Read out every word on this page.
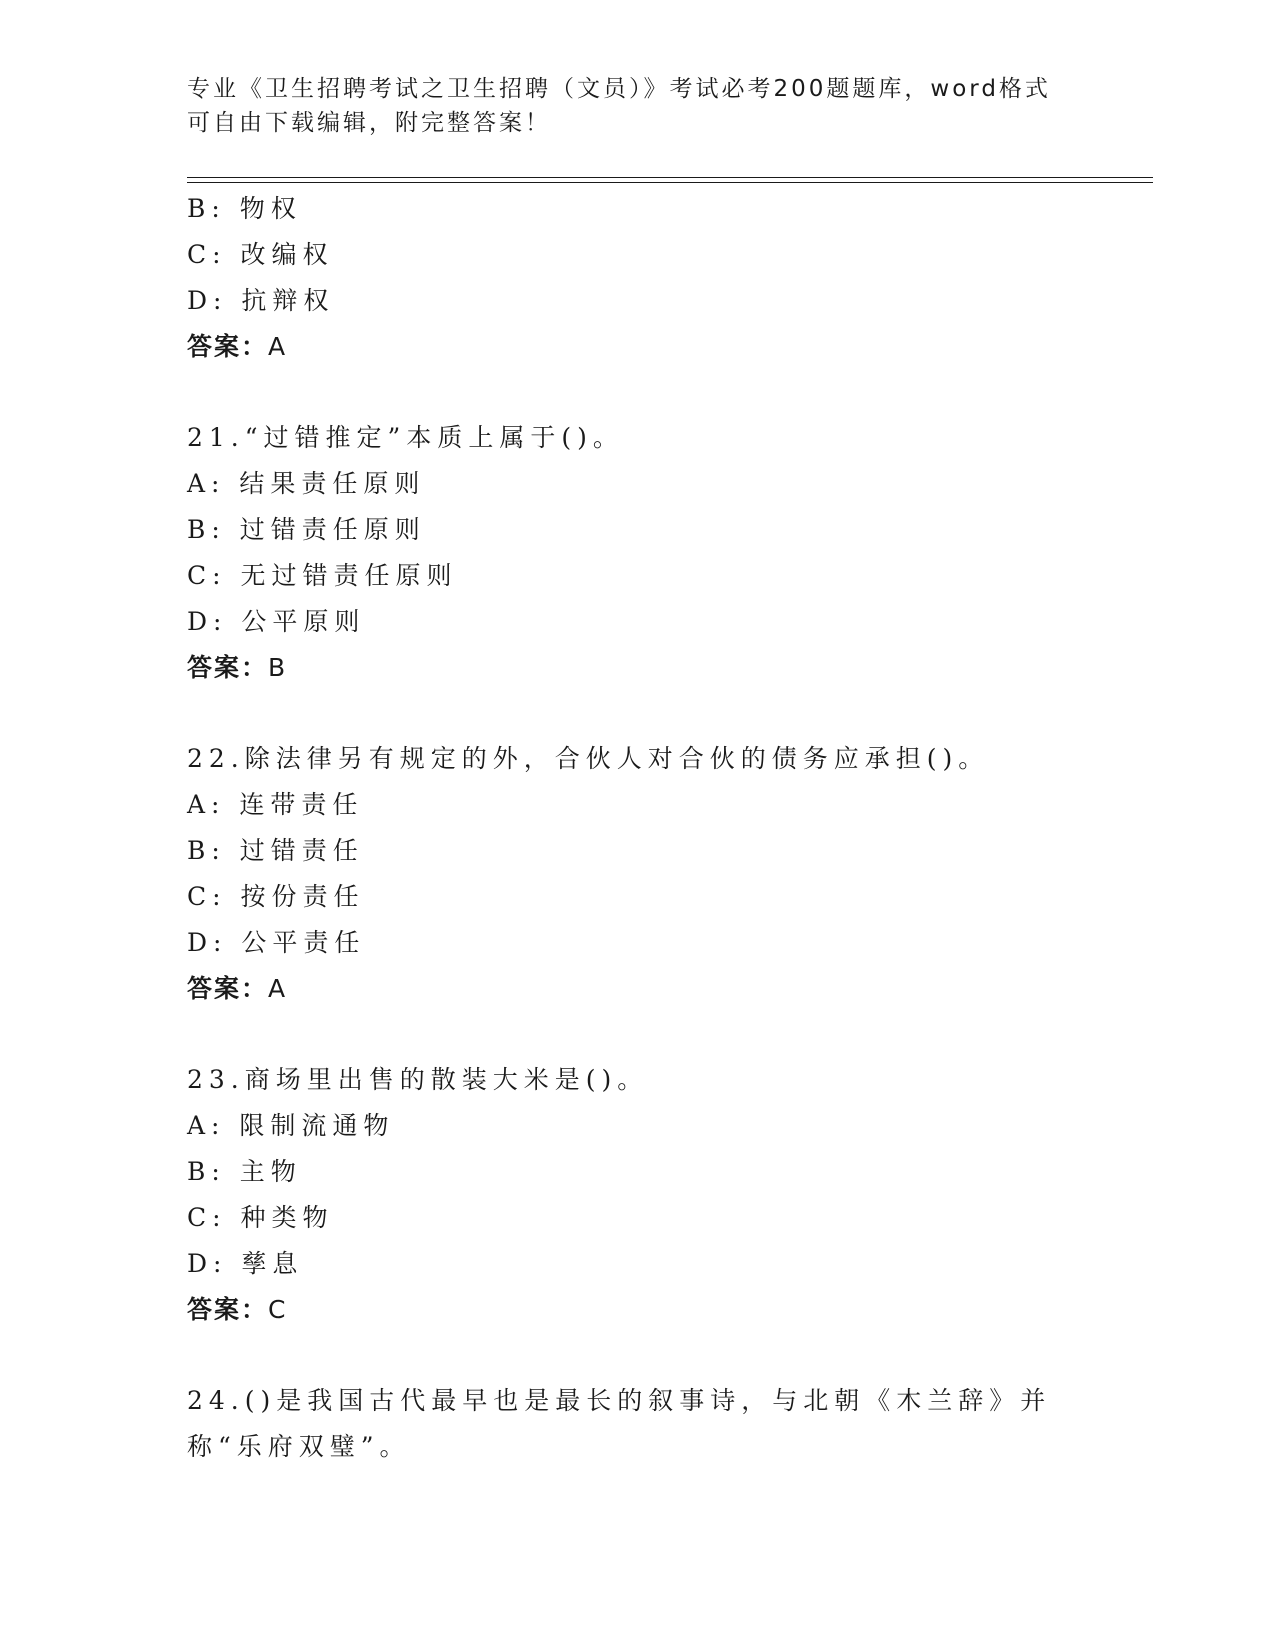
专业《卫生招聘考试之卫生招聘（文员）》考试必考200题题库，word格式可自由下载编辑，附完整答案！
B: 物权
C: 改编权
D: 抗辩权
答案：A
21.“过错推定”本质上属于()。
A: 结果责任原则
B: 过错责任原则
C: 无过错责任原则
D: 公平原则
答案：B
22.除法律另有规定的外，合伙人对合伙的债务应承担()。
A: 连带责任
B: 过错责任
C: 按份责任
D: 公平责任
答案：A
23.商场里出售的散装大米是()。
A: 限制流通物
B: 主物
C: 种类物
D: 孳息
答案：C
24.()是我国古代最早也是最长的叙事诗，与北朝《木兰辞》并称“乐府双璧”。
